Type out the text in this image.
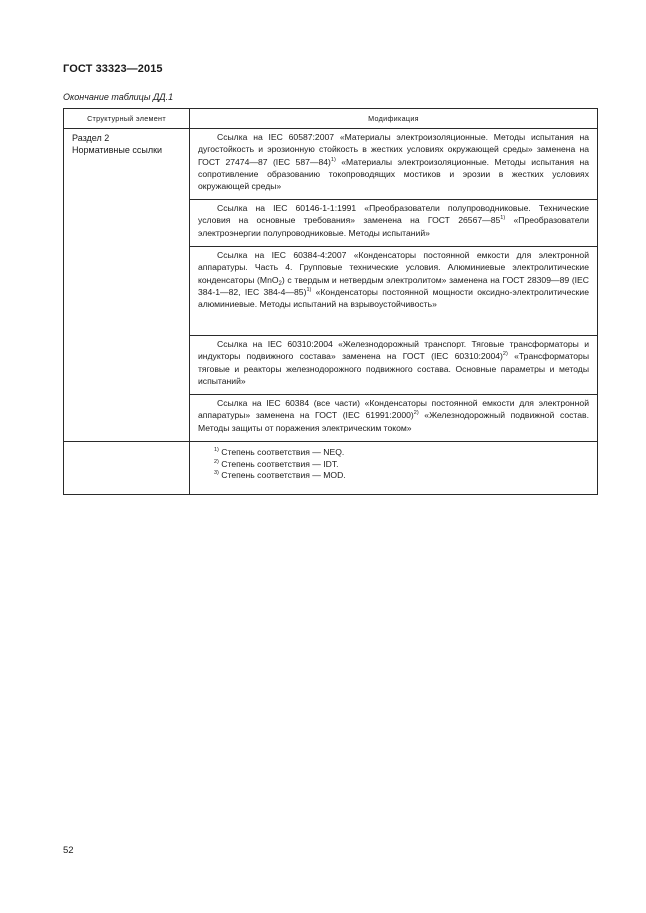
ГОСТ 33323—2015
Окончание таблицы ДД.1
Структурный элемент	Модификация

Раздел 2
Нормативные ссылки	Ссылка на IEC 60587:2007 «Материалы электроизоляционные. Методы испытания на дугостойкость и эрозионную стойкость в жестких условиях окружающей среды» заменена на ГОСТ 27474—87 (IEC 587—84)$^{1)}$ «Материалы электроизоляционные. Методы испытания на сопротивление образованию токопроводящих мостиков и эрозии в жестких условиях окружающей среды»

	Ссылка на IEC 60146-1-1:1991 «Преобразователи полупроводниковые. Технические условия на основные требования» заменена на ГОСТ 26567—85$^{1)}$ «Преобразователи электроэнергии полупроводниковые. Методы испытаний»

	Ссылка на IEC 60384-4:2007 «Конденсаторы постоянной емкости для электронной аппаратуры. Часть 4. Групповые технические условия. Алюминиевые электролитические конденсаторы (MnO$_2$) с твердым и нетвердым электролитом» заменена на ГОСТ 28309—89 (IEC 384-1—82, IEC 384-4—85)$^{1)}$ «Конденсаторы постоянной мощности оксидно-электролитические алюминиевые. Методы испытаний на взрывоустойчивость»

	Ссылка на IEC 60310:2004 «Железнодорожный транспорт. Тяговые трансформаторы и индукторы подвижного состава» заменена на ГОСТ (IEC 60310:2004)$^{2)}$ «Трансформаторы тяговые и реакторы железнодорожного подвижного состава. Основные параметры и методы испытаний»

	Ссылка на IEC 60384 (все части) «Конденсаторы постоянной емкости для электронной аппаратуры» заменена на ГОСТ (IEC 61991:2000)$^{2)}$ «Железнодорожный подвижной состав. Методы защиты от поражения электрическим током»

	$^{1)}$ Степень соответствия — NEQ.
$^{2)}$ Степень соответствия — IDT.
$^{3)}$ Степень соответствия — MOD.
52
